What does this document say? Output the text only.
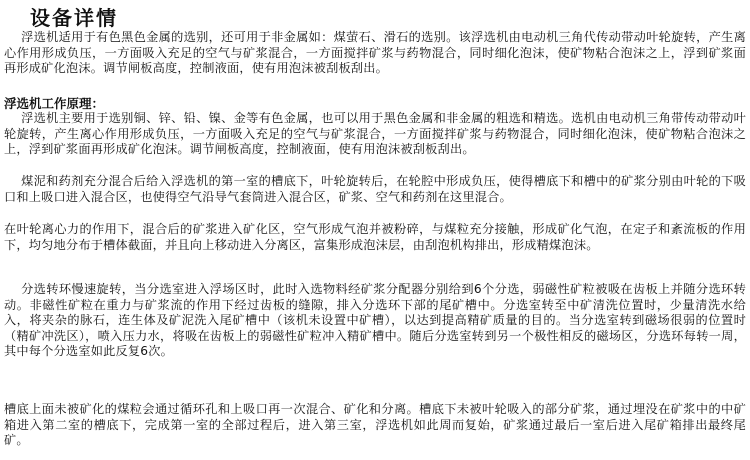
设备详情

浮选机适用于有色黑色金属的选别，还可用于非金属如：煤萤石、滑石的选别。该浮选机由电动机三角代传动带动叶轮旋转，产生离心作用形成负压，一方面吸入充足的空气与矿浆混合，一方面搅拌矿浆与药物混合，同时细化泡沫，使矿物粘合泡沫之上，浮到矿浆面再形成矿化泡沫。调节闸板高度，控制液面，使有用泡沫被刮板刮出。

浮选机工作原理：

浮选机主要用于选别铜、锌、铅、镍、金等有色金属，也可以用于黑色金属和非金属的粗选和精选。选机由电动机三角带传动带动叶轮旋转，产生离心作用形成负压，一方面吸入充足的空气与矿浆混合，一方面搅拌矿浆与药物混合，同时细化泡沫，使矿物粘合泡沫之上，浮到矿浆面再形成矿化泡沫。调节闸板高度，控制液面，使有用泡沫被刮板刮出。

煤泥和药剂充分混合后给入浮选机的第一室的槽底下，叶轮旋转后，在轮腔中形成负压，使得槽底下和槽中的矿浆分别由叶轮的下吸口和上吸口进入混合区，也使得空气沿导气套筒进入混合区，矿浆、空气和药剂在这里混合。

在叶轮离心力的作用下，混合后的矿浆进入矿化区，空气形成气泡并被粉碎，与煤粒充分接触，形成矿化气泡，在定子和紊流板的作用下，均匀地分布于槽体截面，并且向上移动进入分离区，富集形成泡沫层，由刮泡机构排出，形成精煤泡沫。

分选转环慢速旋转，当分选室进入浮场区时，此时入选物料经矿浆分配器分别给到6个分选，弱磁性矿粒被吸在齿板上并随分选环转动。非磁性矿粒在重力与矿浆流的作用下经过齿板的缝隙，排入分选环下部的尾矿槽中。分选室转至中矿清洗位置时，少量清洗水给入，将夹杂的脉石，连生体及矿泥洗入尾矿槽中（该机未设置中矿槽），以达到提高精矿质量的目的。当分选室转到磁场很弱的位置时（精矿冲洗区），喷入压力水，将吸在齿板上的弱磁性矿粒冲入精矿槽中。随后分选室转到另一个极性相反的磁场区，分选环每转一周，其中每个分选室如此反复6次。

槽底上面未被矿化的煤粒会通过循环孔和上吸口再一次混合、矿化和分离。槽底下未被叶轮吸入的部分矿浆，通过埋没在矿浆中的中矿箱进入第二室的槽底下，完成第一室的全部过程后，进入第三室，浮选机如此周而复始，矿浆通过最后一室后进入尾矿箱排出最终尾矿。
